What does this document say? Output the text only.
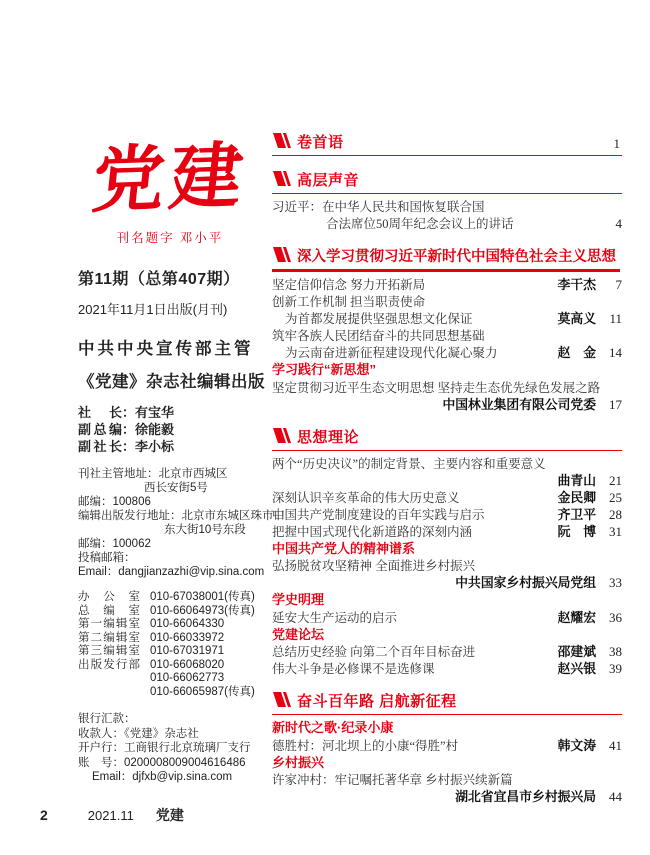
党建
刊名题字 邓小平
第11期（总第407期）
2021年11月1日出版(月刊)
中共中央宣传部主管
《党建》杂志社编辑出版
社长 ： 有宝华
副总编 ： 徐能毅
副社长 ： 李小标
刊社主管地址：北京市西城区
西长安街5号
邮编：100806
编辑出版发行地址：北京市东城区珠市口
东大街10号东段
邮编：100062
投稿邮箱：
Email：dangjianzazhi@vip.sina.com
办公室 010-67038001(传真)
总编室 010-66064973(传真)
第一编辑室 010-66064330
第二编辑室 010-66033972
第三编辑室 010-67031971
出版发行部 010-66068020
010-66062773
010-66065987(传真)
银行汇款：
收款人：《党建》杂志社
开户行：工商银行北京琉璃厂支行
账　号：0200008009004616486
Email：djfxb@vip.sina.com
2	2021.11 党建
卷首语	1
高层声音
习近平：在中华人民共和国恢复联合国
合法席位50周年纪念会议上的讲话	4
深入学习贯彻习近平新时代中国特色社会主义思想
坚定信仰信念 努力开拓新局	李干杰	7
创新工作机制 担当职责使命
为首都发展提供坚强思想文化保证	莫高义	11
筑牢各族人民团结奋斗的共同思想基础
为云南奋进新征程建设现代化凝心聚力	赵　金	14
学习践行“新思想”
坚定贯彻习近平生态文明思想 坚持走生态优先绿色发展之路
中国林业集团有限公司党委	17
思想理论
两个“历史决议”的制定背景、主要内容和重要意义
曲青山	21
深刻认识辛亥革命的伟大历史意义	金民卿	25
中国共产党制度建设的百年实践与启示	齐卫平	28
把握中国式现代化新道路的深刻内涵	阮　博	31
中国共产党人的精神谱系
弘扬脱贫攻坚精神 全面推进乡村振兴
中共国家乡村振兴局党组	33
学史明理
延安大生产运动的启示	赵耀宏	36
党建论坛
总结历史经验 向第二个百年目标奋进	邵建斌	38
伟大斗争是必修课不是选修课	赵兴银	39
奋斗百年路 启航新征程
新时代之歌·纪录小康
德胜村：河北坝上的小康“得胜”村	韩文涛	41
乡村振兴
许家冲村：牢记嘱托著华章 乡村振兴续新篇
湖北省宜昌市乡村振兴局	44
